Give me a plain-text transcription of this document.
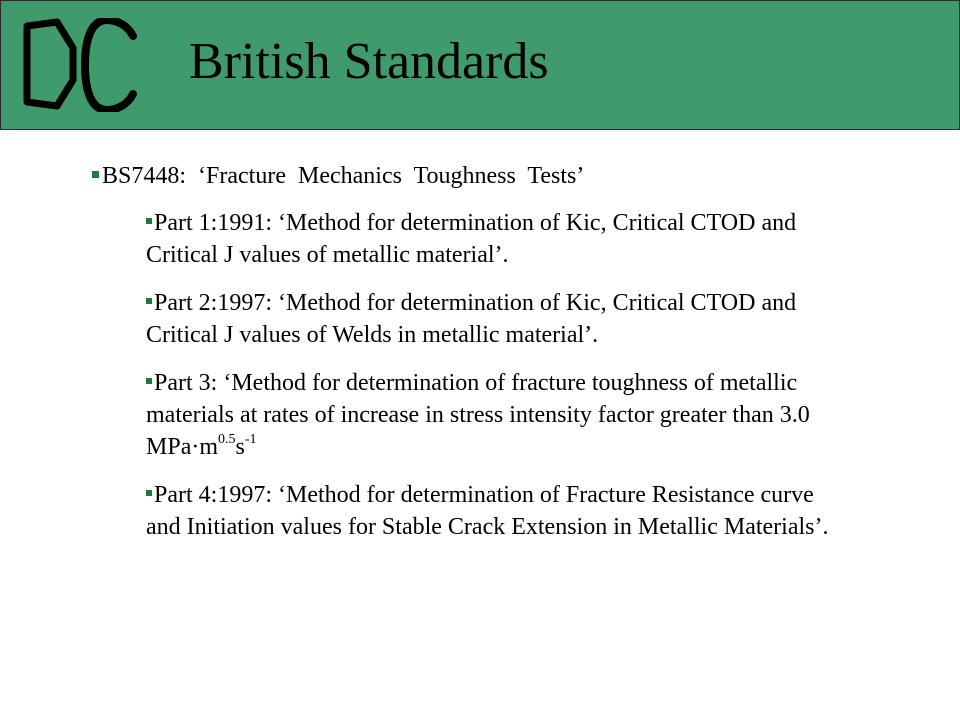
British Standards
BS7448: ‘Fracture Mechanics Toughness Tests’
Part 1:1991: ‘Method for determination of Kic, Critical CTOD and Critical J values of metallic material’.
Part 2:1997: ‘Method for determination of Kic, Critical CTOD and Critical J values of Welds in metallic material’.
Part 3: ‘Method for determination of fracture toughness of metallic materials at rates of increase in stress intensity factor greater than 3.0 $MPa\cdot m^{0.5}s^{-1}$
Part 4:1997: ‘Method for determination of Fracture Resistance curve and Initiation values for Stable Crack Extension in Metallic Materials’.
